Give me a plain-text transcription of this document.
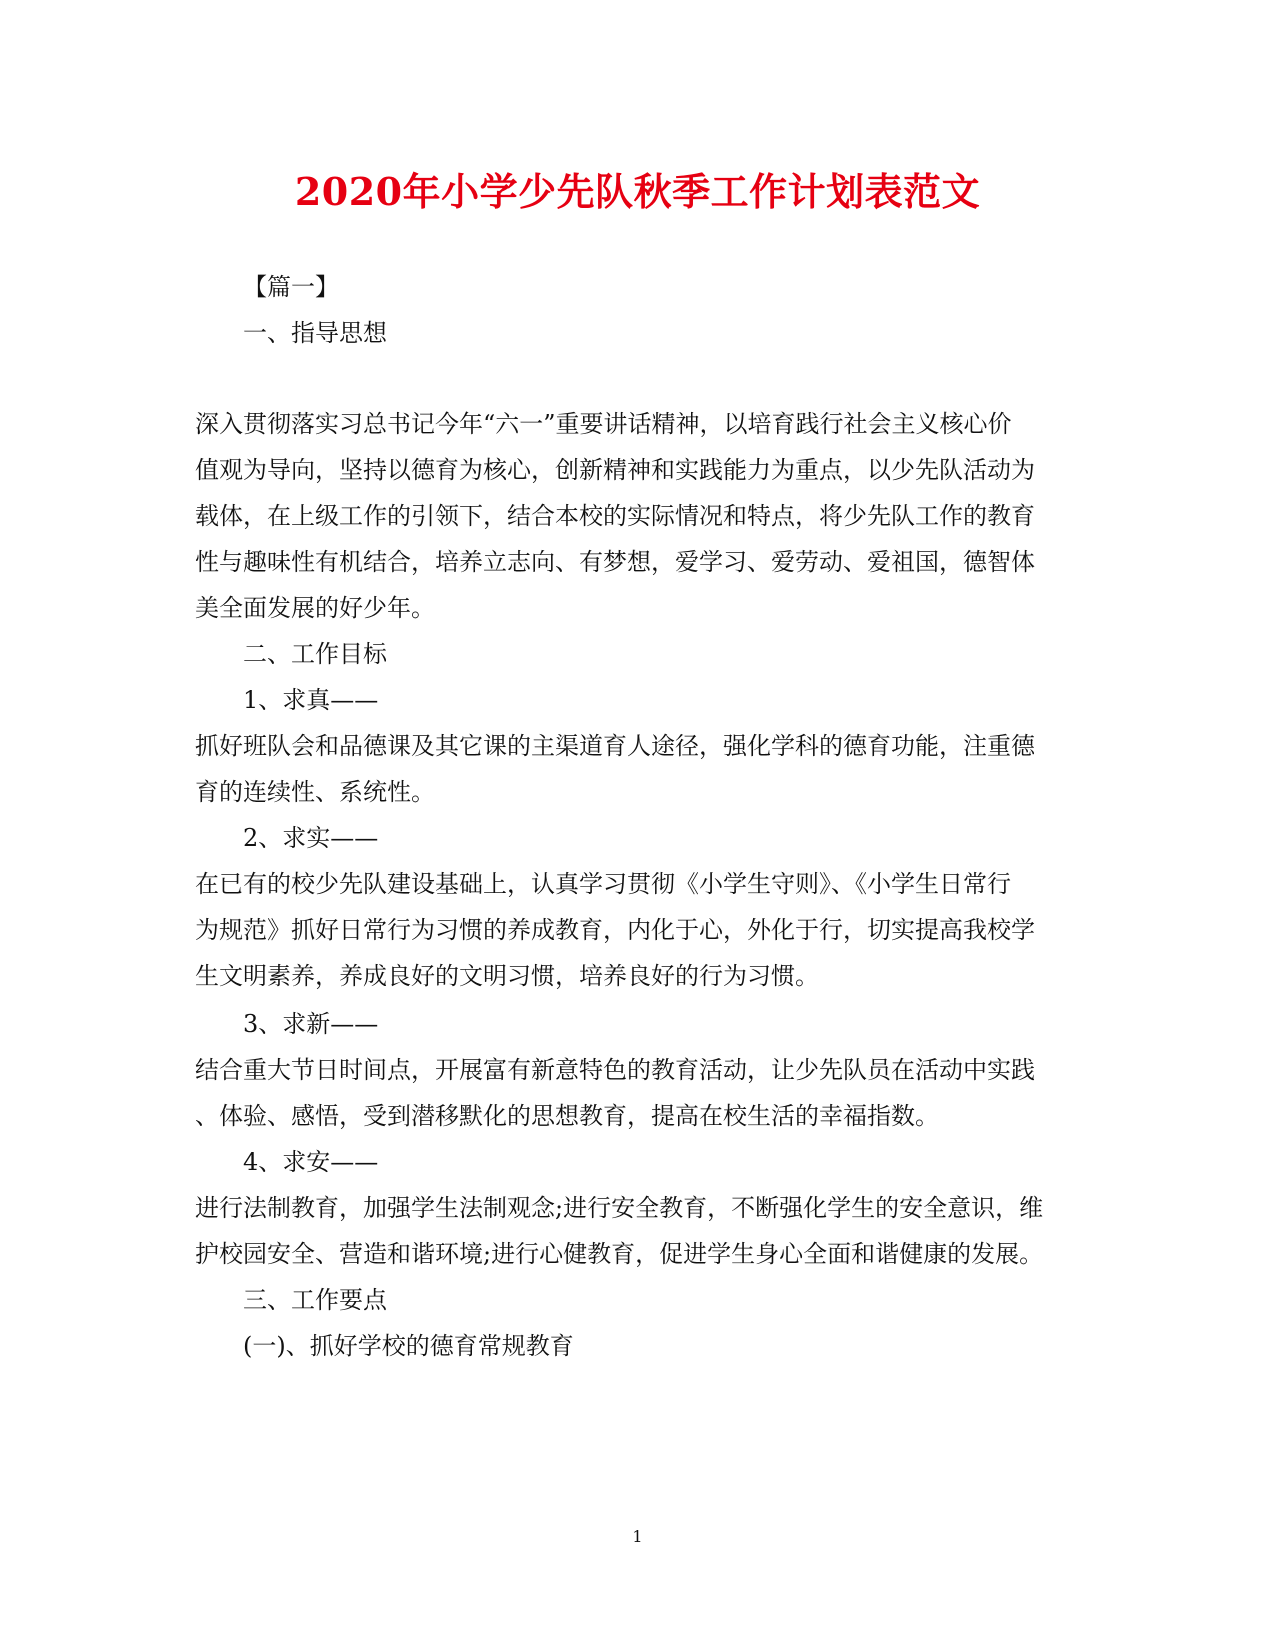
2020年小学少先队秋季工作计划表范文
【篇一】
一、指导思想
深入贯彻落实习总书记今年“六一”重要讲话精神，以培育践行社会主义核心价
值观为导向，坚持以德育为核心，创新精神和实践能力为重点，以少先队活动为
载体，在上级工作的引领下，结合本校的实际情况和特点，将少先队工作的教育
性与趣味性有机结合，培养立志向、有梦想，爱学习、爱劳动、爱祖国，德智体
美全面发展的好少年。
二、工作目标
1、求真——
抓好班队会和品德课及其它课的主渠道育人途径，强化学科的德育功能，注重德
育的连续性、系统性。
2、求实——
在已有的校少先队建设基础上，认真学习贯彻《小学生守则》、《小学生日常行
为规范》抓好日常行为习惯的养成教育，内化于心，外化于行，切实提高我校学
生文明素养，养成良好的文明习惯，培养良好的行为习惯。
3、求新——
结合重大节日时间点，开展富有新意特色的教育活动，让少先队员在活动中实践
、体验、感悟，受到潜移默化的思想教育，提高在校生活的幸福指数。
4、求安——
进行法制教育，加强学生法制观念;进行安全教育，不断强化学生的安全意识，维
护校园安全、营造和谐环境;进行心健教育，促进学生身心全面和谐健康的发展。
三、工作要点
(一)、抓好学校的德育常规教育
1
